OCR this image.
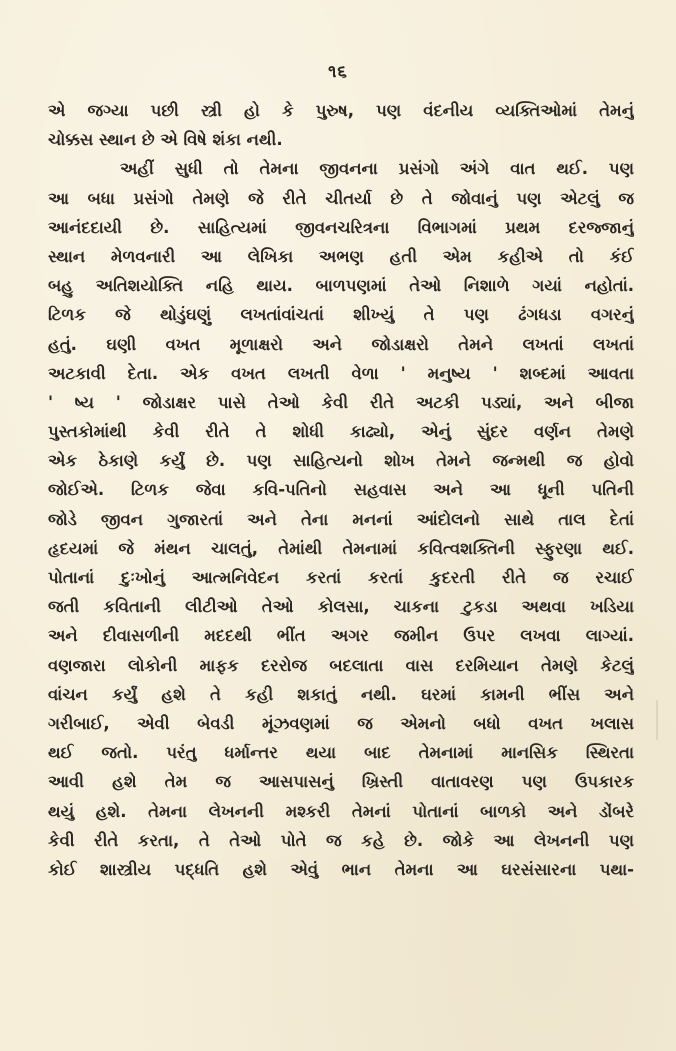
૧૬
એ જગ્યા પછી સ્ત્રી હો કે પુરુષ, પણ વંદનીય વ્યક્તિઓમાં તેમનું
ચોક્કસ સ્થાન છે એ વિષે શંકા નથી.
અહીં સુધી તો તેમના જીવનના પ્રસંગો અંગે વાત થઈ. પણ
આ બધા પ્રસંગો તેમણે જે રીતે ચીતર્યા છે તે જોવાનું પણ એટલું જ
આનંદદાયી છે. સાહિત્યમાં જીવનચરિત્રના વિભાગમાં પ્રથમ દરજ્જાનું
સ્થાન મેળવનારી આ લેખિકા અભણ હતી એમ કહીએ તો કંઈ
બહુ અતિશયોક્તિ નહિ થાય. બાળપણમાં તેઓ નિશાળે ગયાં નહોતાં.
ટિળક જે થોડુંઘણું લખતાંવાંચતાં શીખ્યું તે પણ ઢંગધડા વગરનું
હતું. ઘણી વખત મૂળાક્ષરો અને જોડાક્ષરો તેમને લખતાં લખતાં
અટકાવી દેતા. એક વખત લખતી વેળા ' મનુષ્ય ' શબ્દમાં આવતા
' ષ્ય ' જોડાક્ષર પાસે તેઓ કેવી રીતે અટકી પડ્યાં, અને બીજા
પુસ્તકોમાંથી કેવી રીતે તે શોધી કાઢ્યો, એનું સુંદર વર્ણન તેમણે
એક ઠેકાણે કર્યું છે. પણ સાહિત્યનો શોખ તેમને જન્મથી જ હોવો
જોઈએ. ટિળક જેવા કવિ-પતિનો સહવાસ અને આ ધૂની પતિની
જોડે જીવન ગુજારતાં અને તેના મનનાં આંદોલનો સાથે તાલ દેતાં
હૃદયમાં જે મંથન ચાલતું, તેમાંથી તેમનામાં કવિત્વશક્તિની સ્ફુરણા થઈ.
પોતાનાં દુઃખોનું આત્મનિવેદન કરતાં કરતાં કુદરતી રીતે જ રચાઈ
જતી કવિતાની લીટીઓ તેઓ કોલસા, ચાકના ટુકડા અથવા ખડિયા
અને દીવાસળીની મદદથી ભીંત અગર જમીન ઉપર લખવા લાગ્યાં.
વણજારા લોકોની માફક દરરોજ બદલાતા વાસ દરમિયાન તેમણે કેટલું
વાંચન કર્યું હશે તે કહી શકાતું નથી. ઘરમાં કામની ભીંસ અને
ગરીબાઈ, એવી બેવડી મૂંઝવણમાં જ એમનો બધો વખત ખલાસ
થઈ જતો. પરંતુ ધર્માન્તર થયા બાદ તેમનામાં માનસિક સ્થિરતા
આવી હશે તેમ જ આસપાસનું ખ્રિસ્તી વાતાવરણ પણ ઉપકારક
થયું હશે. તેમના લેખનની મશ્કરી તેમનાં પોતાનાં બાળકો અને ડોંબરે
કેવી રીતે કરતા, તે તેઓ પોતે જ કહે છે. જોકે આ લેખનની પણ
કોઈ શાસ્ત્રીય પદ્ધતિ હશે એવું ભાન તેમના આ ઘરસંસારના પથા-
